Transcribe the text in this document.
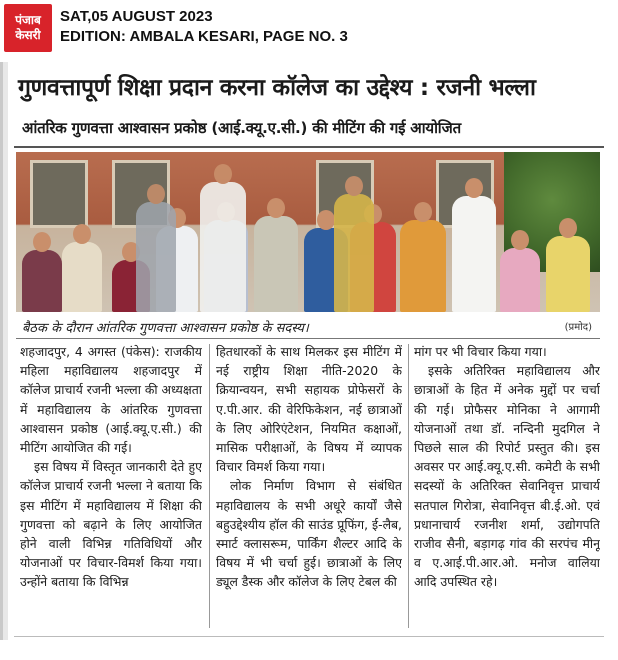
पंजाब
केसरी
SAT,05 AUGUST 2023
EDITION: AMBALA KESARI, PAGE NO. 3
गुणवत्तापूर्ण शिक्षा प्रदान करना कॉलेज का उद्देश्य : रजनी भल्ला
आंतरिक गुणवत्ता आश्वासन प्रकोष्ठ (आई.क्यू.ए.सी.) की मीटिंग की गई आयोजित
बैठक के दौरान आंतरिक गुणवत्ता आश्वासन प्रकोष्ठ के सदस्य।	(प्रमोद)

शहजादपुर, 4 अगस्त (पंकेस): राजकीय महिला महाविद्यालय शहजादपुर में कॉलेज प्राचार्य रजनी भल्ला की अध्यक्षता में महाविद्यालय के आंतरिक गुणवत्ता आश्वासन प्रकोष्ठ (आई.क्यू.ए.सी.) की मीटिंग आयोजित की गई।

इस विषय में विस्तृत जानकारी देते हुए कॉलेज प्राचार्य रजनी भल्ला ने बताया कि इस मीटिंग में महाविद्यालय में शिक्षा की गुणवत्ता को बढ़ाने के लिए आयोजित होने वाली विभिन्न गतिविधियों और योजनाओं पर विचार-विमर्श किया गया। उन्होंने बताया कि विभिन्न

हितधारकों के साथ मिलकर इस मीटिंग में नई राष्ट्रीय शिक्षा नीति-2020 के क्रियान्वयन, सभी सहायक प्रोफेसरों के ए.पी.आर. की वेरिफिकेशन, नई छात्राओं के लिए ओरिएंटेशन, नियमित कक्षाओं, मासिक परीक्षाओं, के विषय में व्यापक विचार विमर्श किया गया।

लोक निर्माण विभाग से संबंधित महाविद्यालय के सभी अधूरे कार्यों जैसे बहुउद्देश्यीय हॉल की साउंड प्रूफिंग, ई-लैब, स्मार्ट क्लासरूम, पार्किंग शैल्टर आदि के विषय में भी चर्चा हुई। छात्राओं के लिए ड्यूल डैस्क और कॉलेज के लिए टेबल की

मांग पर भी विचार किया गया।

इसके अतिरिक्त महाविद्यालय और छात्राओं के हित में अनेक मुद्दों पर चर्चा की गई। प्रोफैसर मोनिका ने आगामी योजनाओं तथा डॉ. नन्दिनी मुदगिल ने पिछले साल की रिपोर्ट प्रस्तुत की। इस अवसर पर आई.क्यू.ए.सी. कमेटी के सभी सदस्यों के अतिरिक्त सेवानिवृत्त प्राचार्य सतपाल गिरोत्रा, सेवानिवृत्त बी.ई.ओ. एवं प्रधानाचार्य रजनीश शर्मा, उद्योगपति राजीव सैनी, बड़ागढ़ गांव की सरपंच मीनू व ए.आई.पी.आर.ओ. मनोज वालिया आदि उपस्थित रहे।
